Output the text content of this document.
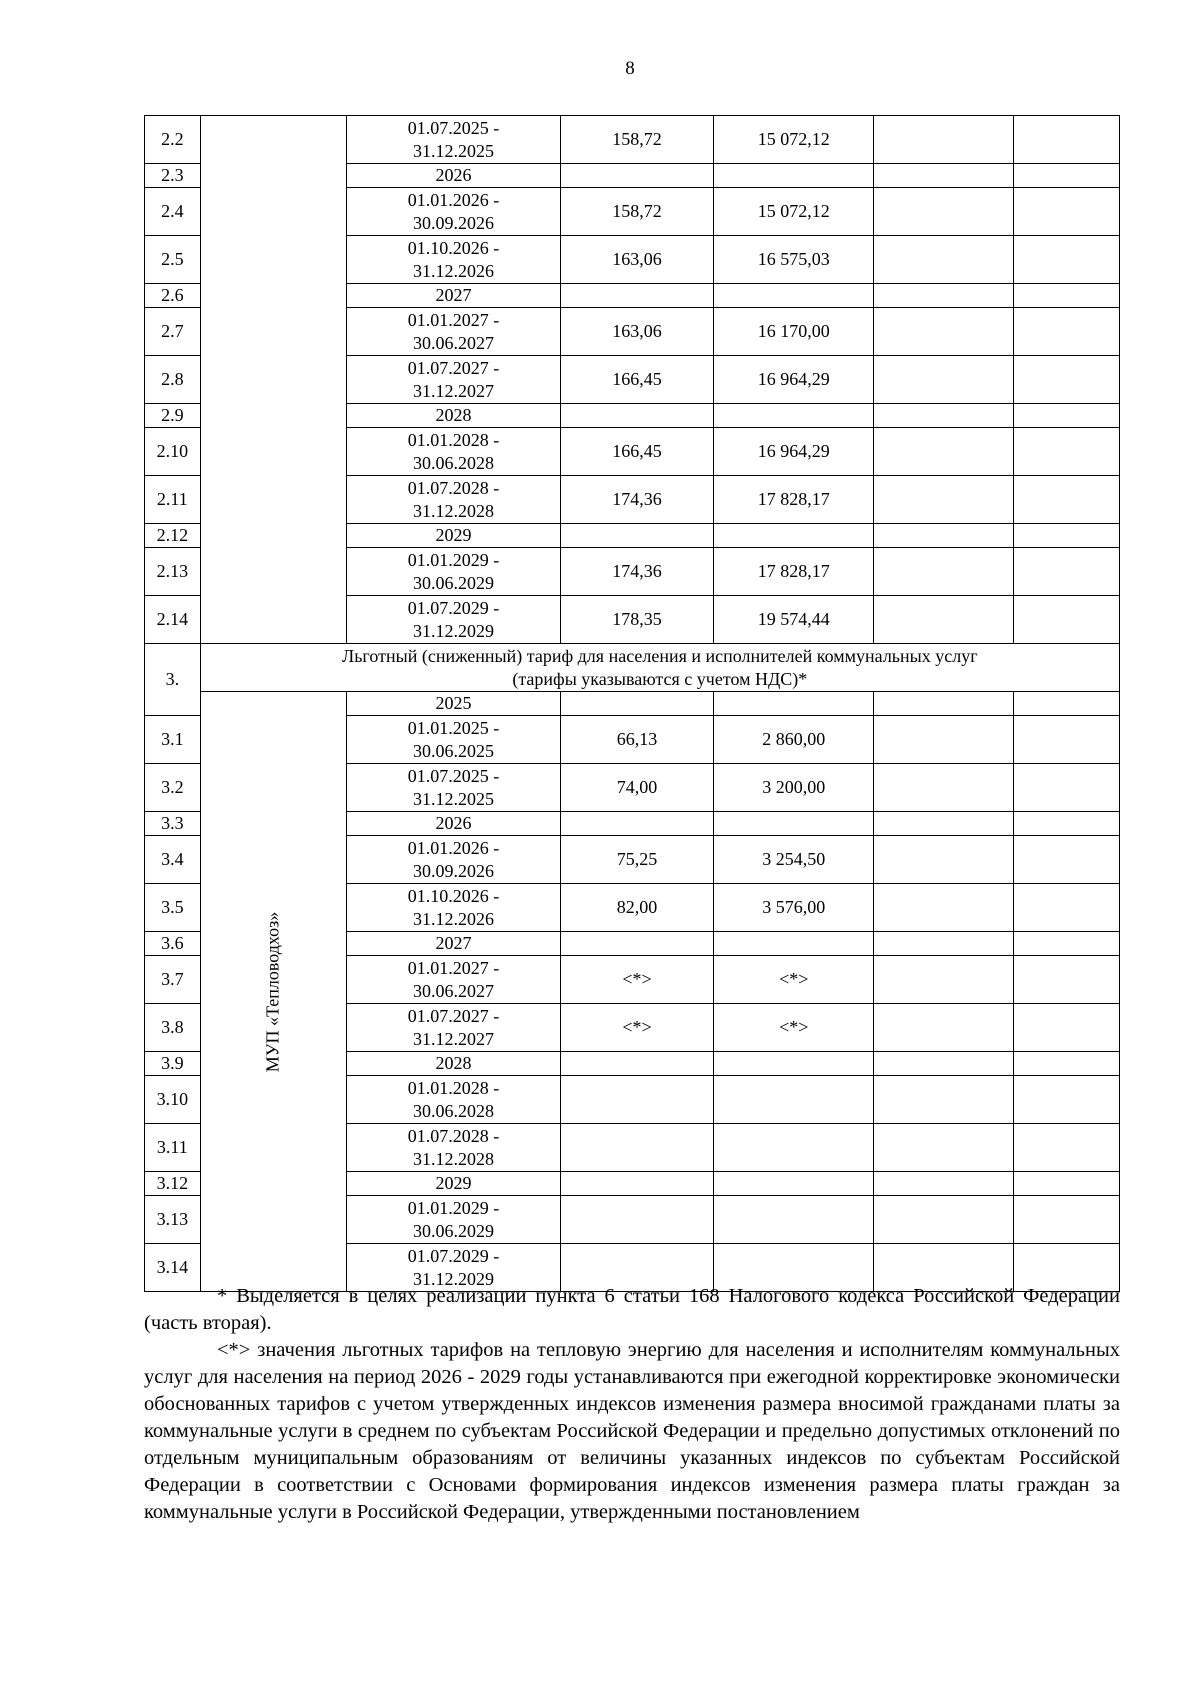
8
2.2		01.07.2025 -
31.12.2025	158,72	15 072,12		
2.3		2026				

2.4		01.01.2026 -
30.09.2026	158,72	15 072,12		
2.5		01.10.2026 -
31.12.2026	163,06	16 575,03		
2.6		2027				

2.7		01.01.2027 -
30.06.2027	163,06	16 170,00		
2.8		01.07.2027 -
31.12.2027	166,45	16 964,29		
2.9		2028				

2.10		01.01.2028 -
30.06.2028	166,45	16 964,29		
2.11		01.07.2028 -
31.12.2028	174,36	17 828,17		
2.12		2029				

2.13		01.01.2029 -
30.06.2029	174,36	17 828,17		
2.14		01.07.2029 -
31.12.2029	178,35	19 574,44		
3.	Льготный (сниженный) тариф для населения и исполнителей коммунальных услуг
(тарифы указываются с учетом НДС)*					

	МУП «Тепловодхоз»	2025				
3.1		01.01.2025 -
30.06.2025	66,13	2 860,00		
3.2		01.07.2025 -
31.12.2025	74,00	3 200,00		
3.3		2026				

3.4		01.01.2026 -
30.09.2026	75,25	3 254,50		
3.5		01.10.2026 -
31.12.2026	82,00	3 576,00		
3.6		2027				

3.7		01.01.2027 -
30.06.2027	<*>	<*>		
3.8		01.07.2027 -
31.12.2027	<*>	<*>		
3.9		2028				

3.10		01.01.2028 -
30.06.2028				

3.11		01.07.2028 -
31.12.2028				

3.12		2029				

3.13		01.01.2029 -
30.06.2029				

3.14		01.07.2029 -
31.12.2029				

* Выделяется в целях реализации пункта 6 статьи 168 Налогового кодекса Российской Федерации (часть вторая).

<*> значения льготных тарифов на тепловую энергию для населения и исполнителям коммунальных услуг для населения на период 2026 - 2029 годы устанавливаются при ежегодной корректировке экономически обоснованных тарифов с учетом утвержденных индексов изменения размера вносимой гражданами платы за коммунальные услуги в среднем по субъектам Российской Федерации и предельно допустимых отклонений по отдельным муниципальным образованиям от величины указанных индексов по субъектам Российской Федерации в соответствии с Основами формирования индексов изменения размера платы граждан за коммунальные услуги в Российской Федерации, утвержденными постановлением
